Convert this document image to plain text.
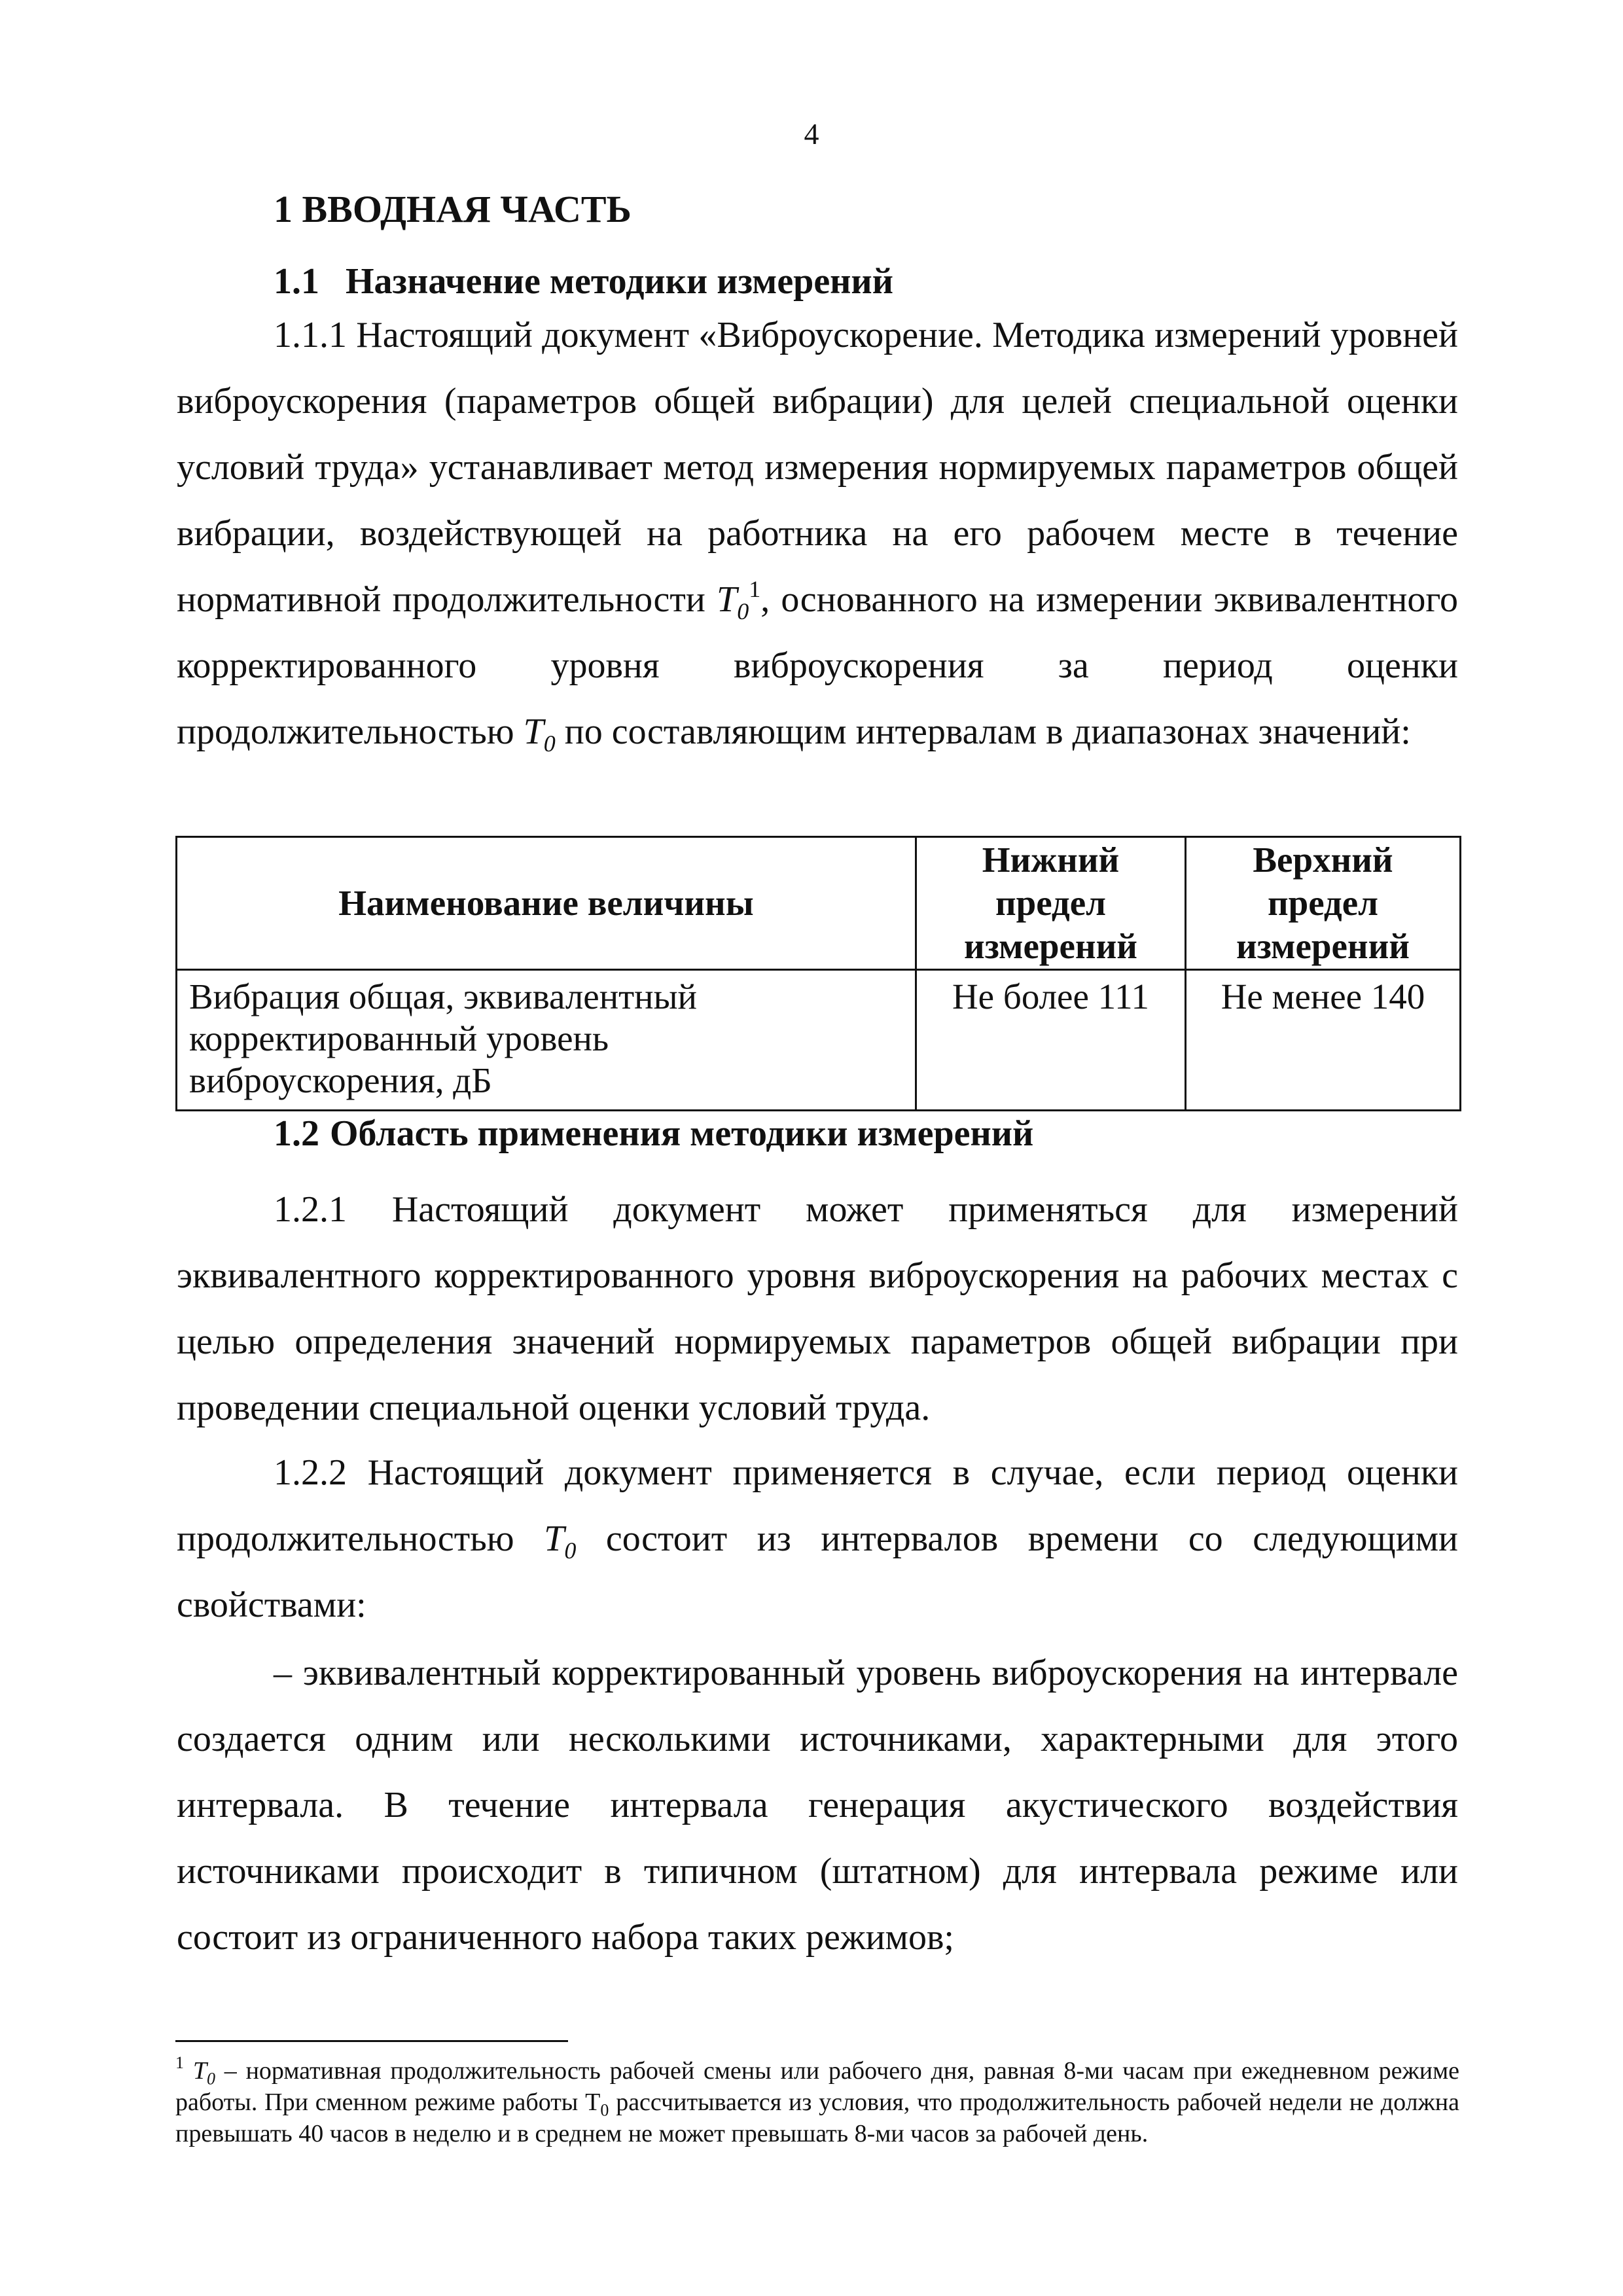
4
1 ВВОДНАЯ ЧАСТЬ
1.1 Назначение методики измерений

1.1.1 Настоящий документ «Виброускорение. Методика измерений уровней виброускорения (параметров общей вибрации) для целей специальной оценки условий труда» устанавливает метод измерения нормируемых параметров общей вибрации, воздействующей на работника на его рабочем месте в течение нормативной продолжительности $T_0^1$, основанного на измерении эквивалентного корректированного уровня виброускорения за период оценки продолжительностью $T_0$ по составляющим интервалам в диапазонах значений:

Наименование величины	Нижний предел измерений	Верхний предел измерений
Вибрация общая, эквивалентный корректированный уровень виброускорения, дБ	Не более 111	Не менее 140
1.2 Область применения методики измерений

1.2.1 Настоящий документ может применяться для измерений эквивалентного корректированного уровня виброускорения на рабочих местах с целью определения значений нормируемых параметров общей вибрации при проведении специальной оценки условий труда.

1.2.2 Настоящий документ применяется в случае, если период оценки продолжительностью $T_0$ состоит из интервалов времени со следующими свойствами:

– эквивалентный корректированный уровень виброускорения на интервале создается одним или несколькими источниками, характерными для этого интервала. В течение интервала генерация акустического воздействия источниками происходит в типичном (штатном) для интервала режиме или состоит из ограниченного набора таких режимов;

$^1$ $T_0$ – нормативная продолжительность рабочей смены или рабочего дня, равная 8-ми часам при ежедневном режиме работы. При сменном режиме работы $T_0$ рассчитывается из условия, что продолжительность рабочей недели не должна превышать 40 часов в неделю и в среднем не может превышать 8-ми часов за рабочей день.
